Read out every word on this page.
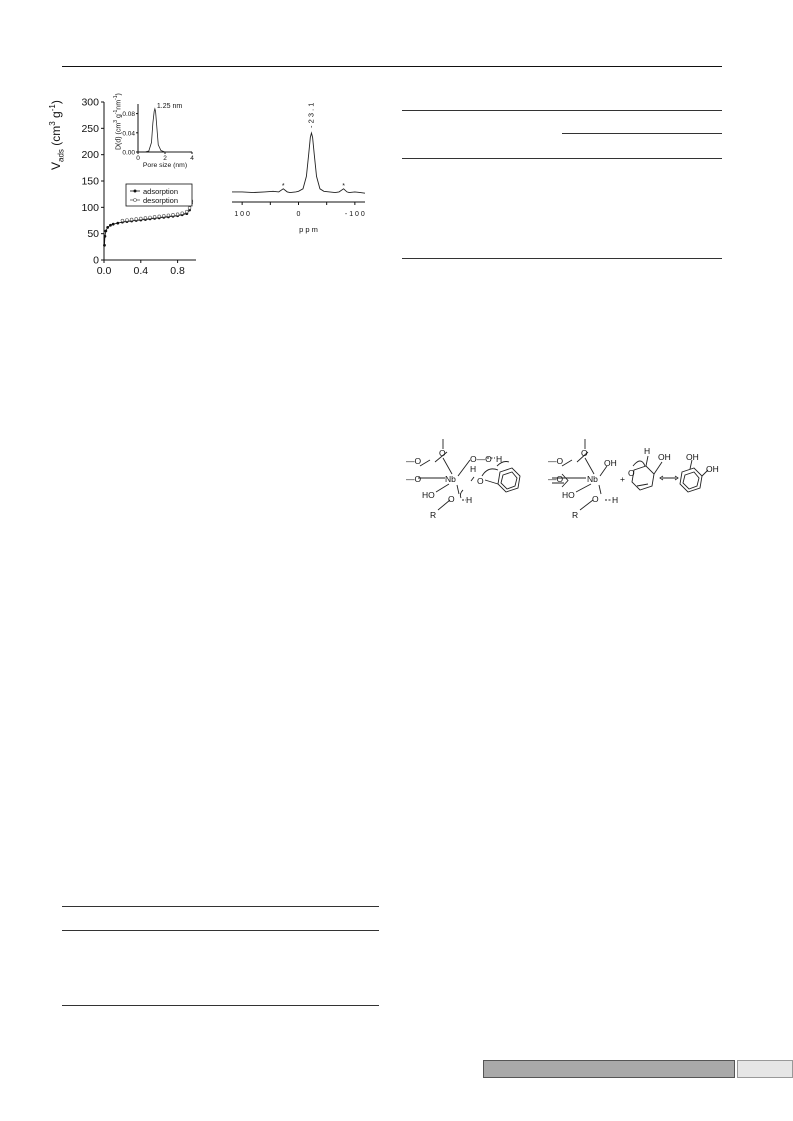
0
50
100
150
200
250
300
0.0 0.4 0.8
adsorption
desorption
0.00
0.04
0.08
0	2	4
1.25 nm
Pore size (nm)
$V_{ads}$ ($cm^3$ $g^{-1}$)
D(d) ($cm^3$ $g^{-1}nm^{-1}$)
1 0 0	0	- 1 0 0
p p m
- 2 3 . 1
*	*
O
—O
—O	Nb
HO O H
R
O—O H
H
O
O
—O
—O	Nb
OH
HO O H
R
+
H
O
OH OH
OH
